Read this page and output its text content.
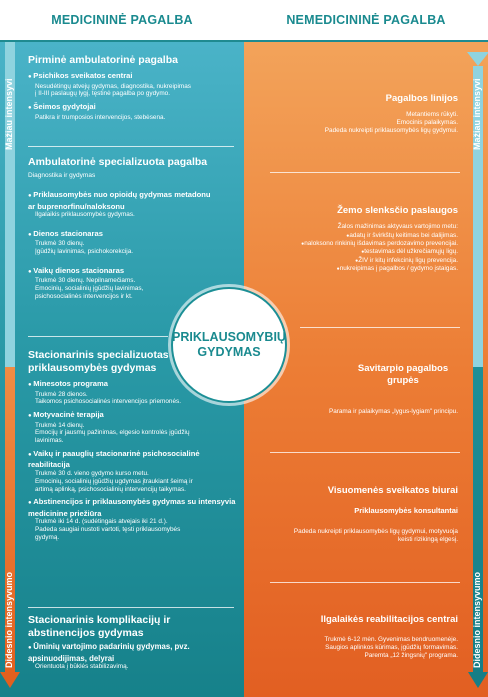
MEDICININĖ PAGALBA	NEMEDICININĖ PAGALBA
Mažiau intensyvi
Didesnio intensyvumo
Mažiau intensyvi
Didesnio intensyvumo
Pirminė ambulatorinė pagalba
● Psichikos sveikatos centrai
Nesudėtingų atvejų gydymas, diagnostika, nukreipimas
į II-III paslaugų lygį, tęstinė pagalba po gydymo.
● Šeimos gydytojai
Patikra ir trumposios intervencijos, stebėsena.
Ambulatorinė specializuota pagalba
Diagnostika ir gydymas
● Priklausomybės nuo opioidų gydymas metadonu ar buprenorfinu/naloksonu
Ilgalaikis priklausomybės gydymas.
● Dienos stacionaras
Trukmė 30 dienų.
Įgūdžių lavinimas, psichokorekcija.
● Vaikų dienos stacionaras
Trukmė 30 dienų. Nepilnamečiams.
Emocinių, socialinių įgūdžių lavinimas,
psichosocialinės intervencijos ir kt.
Stacionarinis specializuotas priklausomybės gydymas
● Minesotos programa
Trukmė 28 dienos.
Taikomos psichosocialinės intervencijos priemonės.
● Motyvacinė terapija
Trukmė 14 dienų.
Emocijų ir jausmų pažinimas, elgesio kontrolės įgūdžių
lavinimas.
● Vaikų ir paauglių stacionarinė psichosocialinė reabilitacija
Trukmė 30 d. vieno gydymo kurso metu.
Emocinių, socialinių įgūdžių ugdymas įtraukiant šeimą ir
artimą aplinką, psichosocialinių intervencijų taikymas.
● Abstinencijos ir priklausomybės gydymas su intensyvia medicinine priežiūra
Trukmė iki 14 d. (sudėtingais atvejais iki 21 d.).
Padeda saugiai nustoti vartoti, tęsti priklausomybės
gydymą.
Stacionarinis komplikacijų ir abstinencijos gydymas
● Ūminių vartojimo padarinių gydymas, pvz. apsinuodijimas, delyrai
Orientuota į būklės stabilizavimą.
Pagalbos linijos
Metantiems rūkyti.
Emocinis palaikymas.
Padeda nukreipti priklausomybės ligų gydymui.
Žemo slenksčio paslaugos
Žalos mažinimas aktyvaus vartojimo metu:
● adatų ir švirkštų keitimas bei dalijimas.
● naloksono rinkinių išdavimas perdozavimo prevencijai.
● testavimas dėl užkrečiamųjų ligų.
● ŽIV ir kitų infekcinių ligų prevencija.
● nukreipimas į pagalbos / gydymo įstaigas.
Savitarpio pagalbos grupės
Parama ir palaikymas „lygus-lygiam" principu.
Visuomenės sveikatos biurai
Priklausomybės konsultantai
Padeda nukreipti priklausomybės ligų gydymui, motyvuoja
keisti rizikingą elgesį.
Ilgalaikės reabilitacijos centrai
Trukmė 6-12 mėn. Gyvenimas bendruomenėje.
Saugios aplinkos kūrimas, įgūdžių formavimas.
Paremta „12 žingsnių" programa.
PRIKLAUSOMYBIŲ
GYDYMAS
